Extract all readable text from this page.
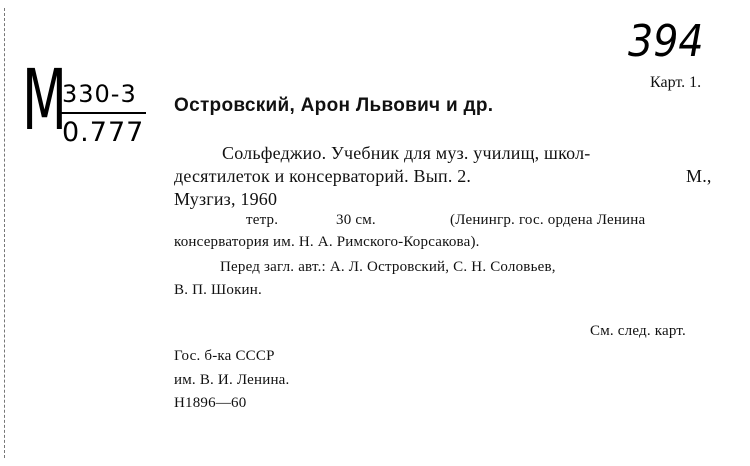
М
330-3
0.777
394
Карт. 1.
Островский, Арон Львович и др.
Сольфеджио. Учебник для муз. училищ, школ-
десятилеток и консерваторий. Вып. 2.	М.,
Музгиз, 1960
тетр.	30 см.	(Ленингр. гос. ордена Ленина
консерватория им. Н. А. Римского-Корсакова).
Перед загл. авт.: А. Л. Островский, С. Н. Соловьев,
В. П. Шокин.
См. след. карт.
Гос. б-ка СССР
им. В. И. Ленина.
Н1896—60
